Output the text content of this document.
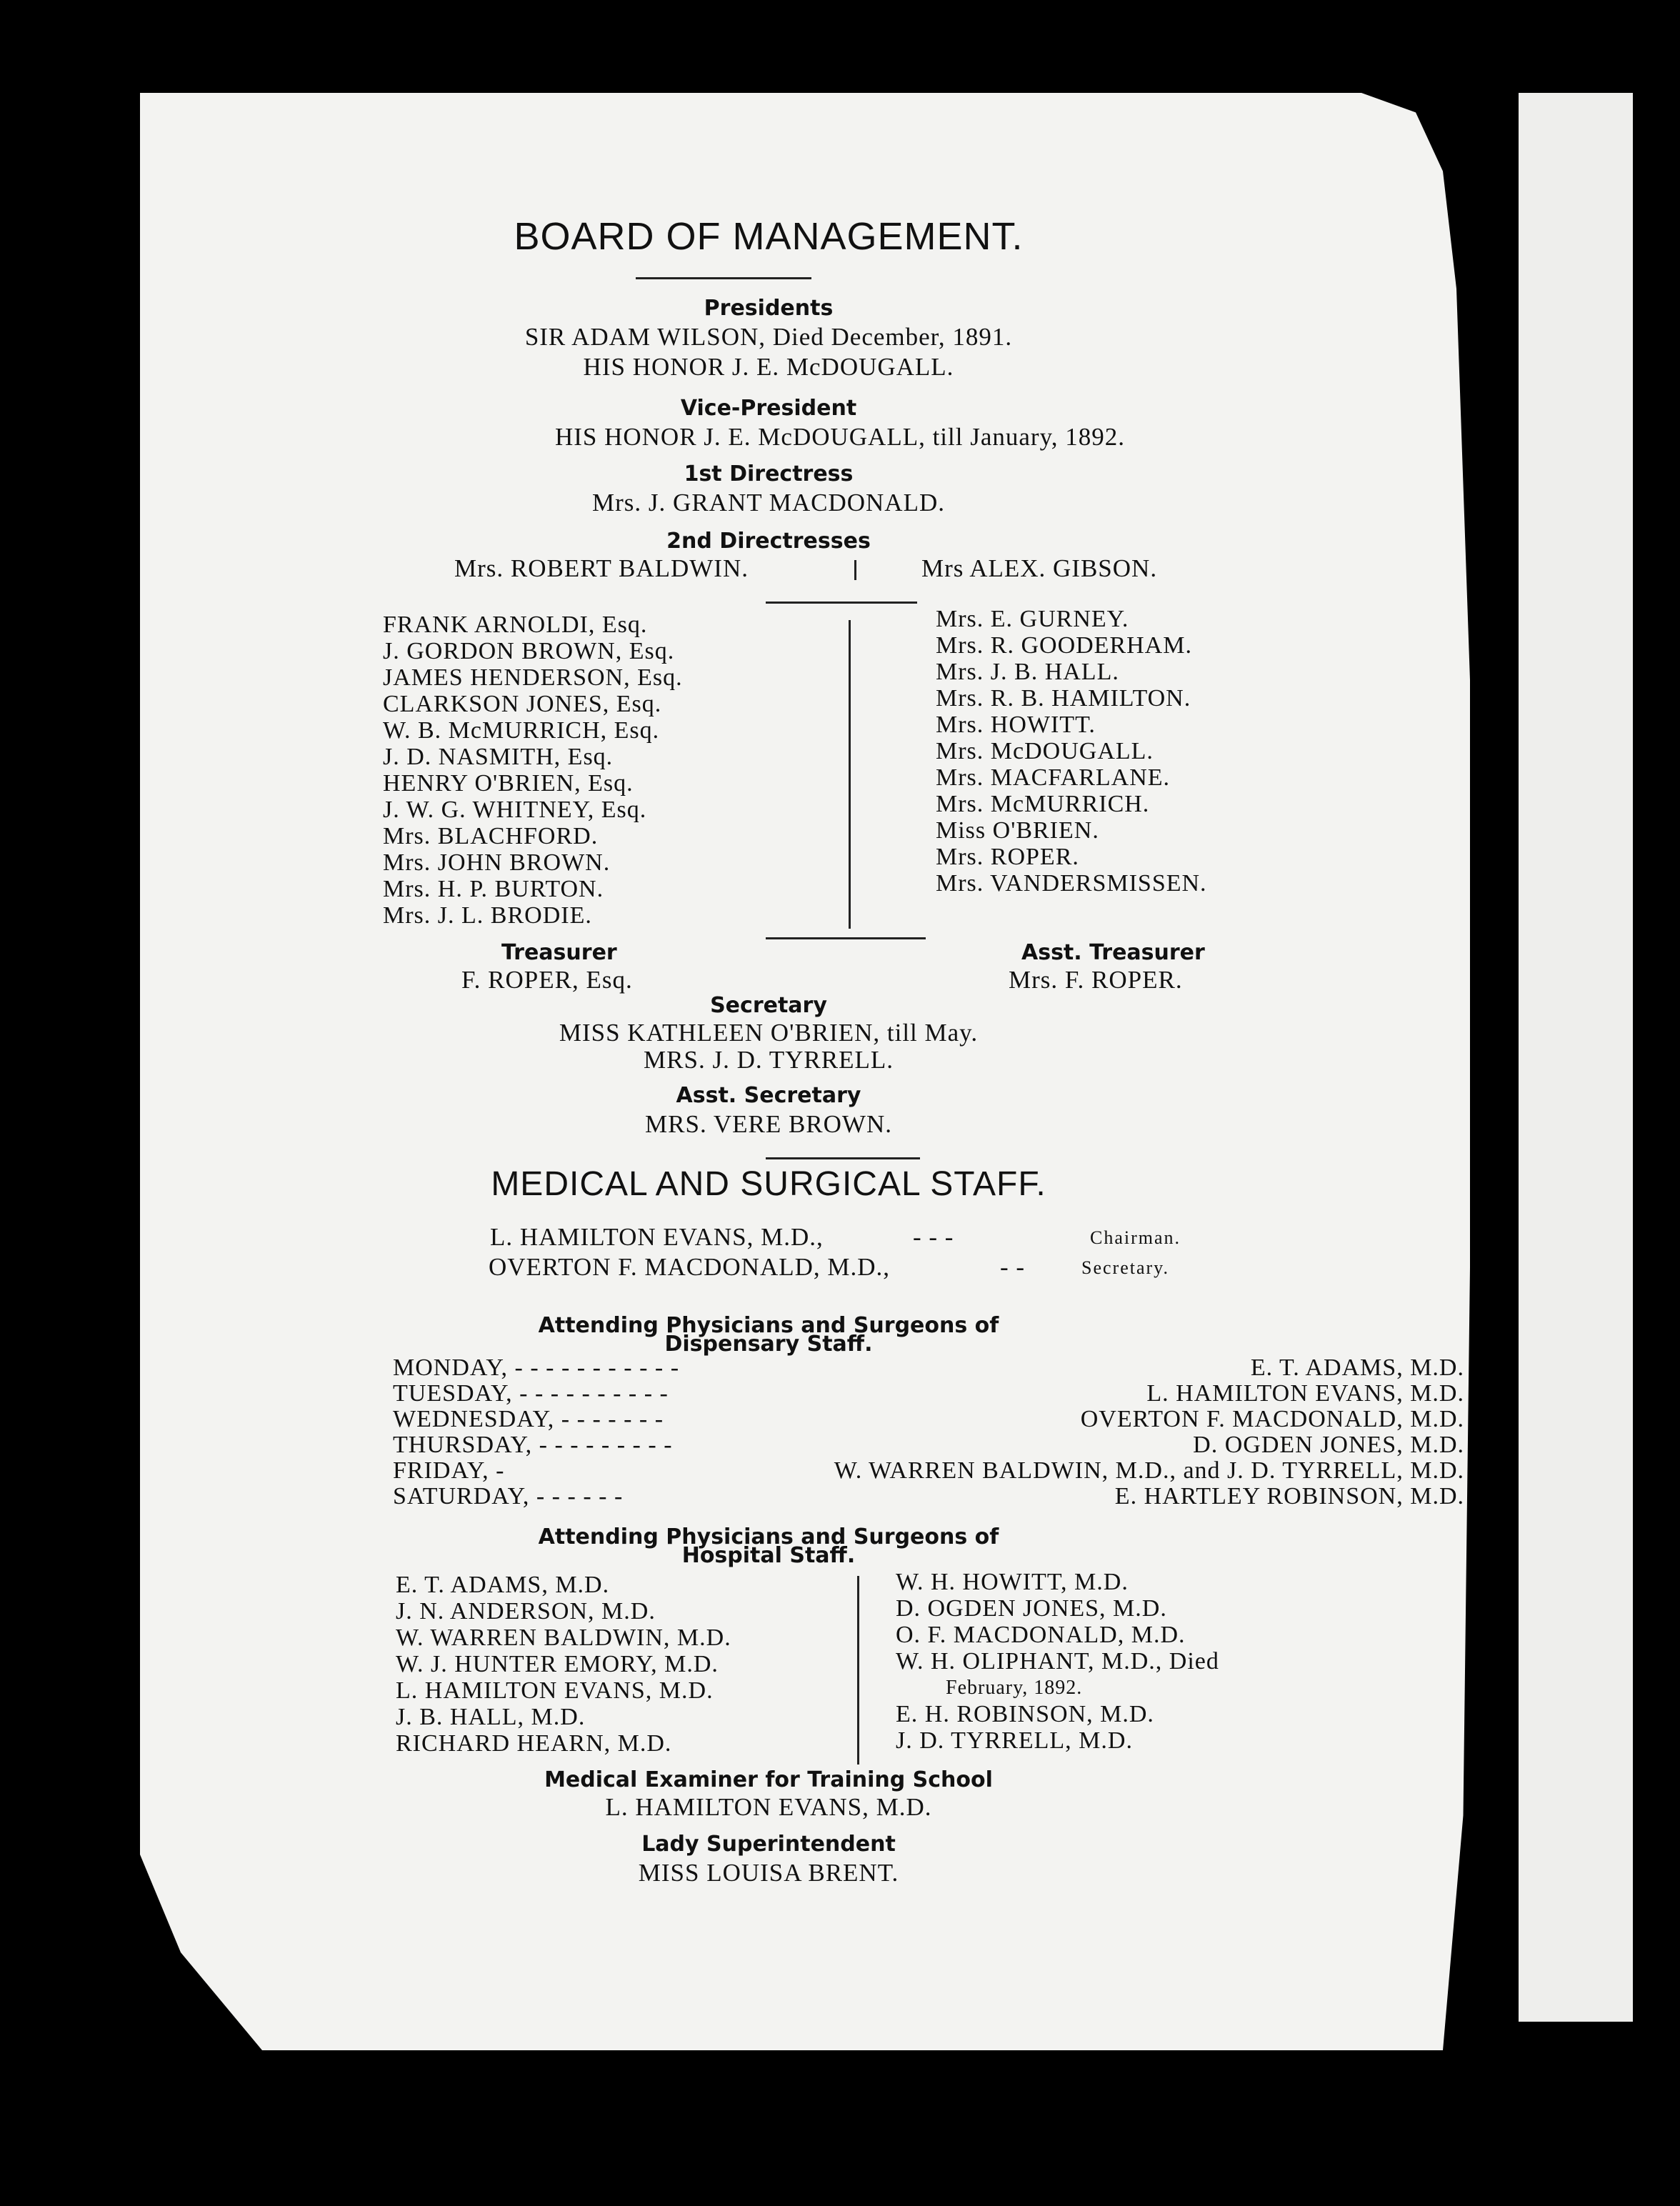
BOARD OF MANAGEMENT.
Presidents
SIR ADAM WILSON, Died December, 1891.
HIS HONOR J. E. McDOUGALL.
Vice-President
HIS HONOR J. E. McDOUGALL, till January, 1892.
1st Directress
Mrs. J. GRANT MACDONALD.
2nd Directresses
Mrs. ROBERT BALDWIN.	Mrs ALEX. GIBSON.
FRANK ARNOLDI, Esq.
J. GORDON BROWN, Esq.
JAMES HENDERSON, Esq.
CLARKSON JONES, Esq.
W. B. McMURRICH, Esq.
J. D. NASMITH, Esq.
HENRY O'BRIEN, Esq.
J. W. G. WHITNEY, Esq.
Mrs. BLACHFORD.
Mrs. JOHN BROWN.
Mrs. H. P. BURTON.
Mrs. J. L. BRODIE.
Mrs. E. GURNEY.
Mrs. R. GOODERHAM.
Mrs. J. B. HALL.
Mrs. R. B. HAMILTON.
Mrs. HOWITT.
Mrs. McDOUGALL.
Mrs. MACFARLANE.
Mrs. McMURRICH.
Miss O'BRIEN.
Mrs. ROPER.
Mrs. VANDERSMISSEN.
Treasurer
F. ROPER, Esq.
Asst. Treasurer
Mrs. F. ROPER.
Secretary
MISS KATHLEEN O'BRIEN, till May.
MRS. J. D. TYRRELL.
Asst. Secretary
MRS. VERE BROWN.
MEDICAL AND SURGICAL STAFF.
L. HAMILTON EVANS, M.D.,	- - -	Chairman.
OVERTON F. MACDONALD, M.D.,	- -	Secretary.
Attending Physicians and Surgeons of
Dispensary Staff.
MONDAY, - - - - - - - - - - -	E. T. ADAMS, M.D.
TUESDAY, - - - - - - - - - -	L. HAMILTON EVANS, M.D.
WEDNESDAY, - - - - - - -	OVERTON F. MACDONALD, M.D.
THURSDAY, - - - - - - - - -	D. OGDEN JONES, M.D.
FRIDAY, -	W. WARREN BALDWIN, M.D., and J. D. TYRRELL, M.D.
SATURDAY, - - - - - -	E. HARTLEY ROBINSON, M.D.
Attending Physicians and Surgeons of
Hospital Staff.
E. T. ADAMS, M.D.
J. N. ANDERSON, M.D.
W. WARREN BALDWIN, M.D.
W. J. HUNTER EMORY, M.D.
L. HAMILTON EVANS, M.D.
J. B. HALL, M.D.
RICHARD HEARN, M.D.
W. H. HOWITT, M.D.
D. OGDEN JONES, M.D.
O. F. MACDONALD, M.D.
W. H. OLIPHANT, M.D., Died
February, 1892.
E. H. ROBINSON, M.D.
J. D. TYRRELL, M.D.
Medical Examiner for Training School
L. HAMILTON EVANS, M.D.
Lady Superintendent
MISS LOUISA BRENT.
